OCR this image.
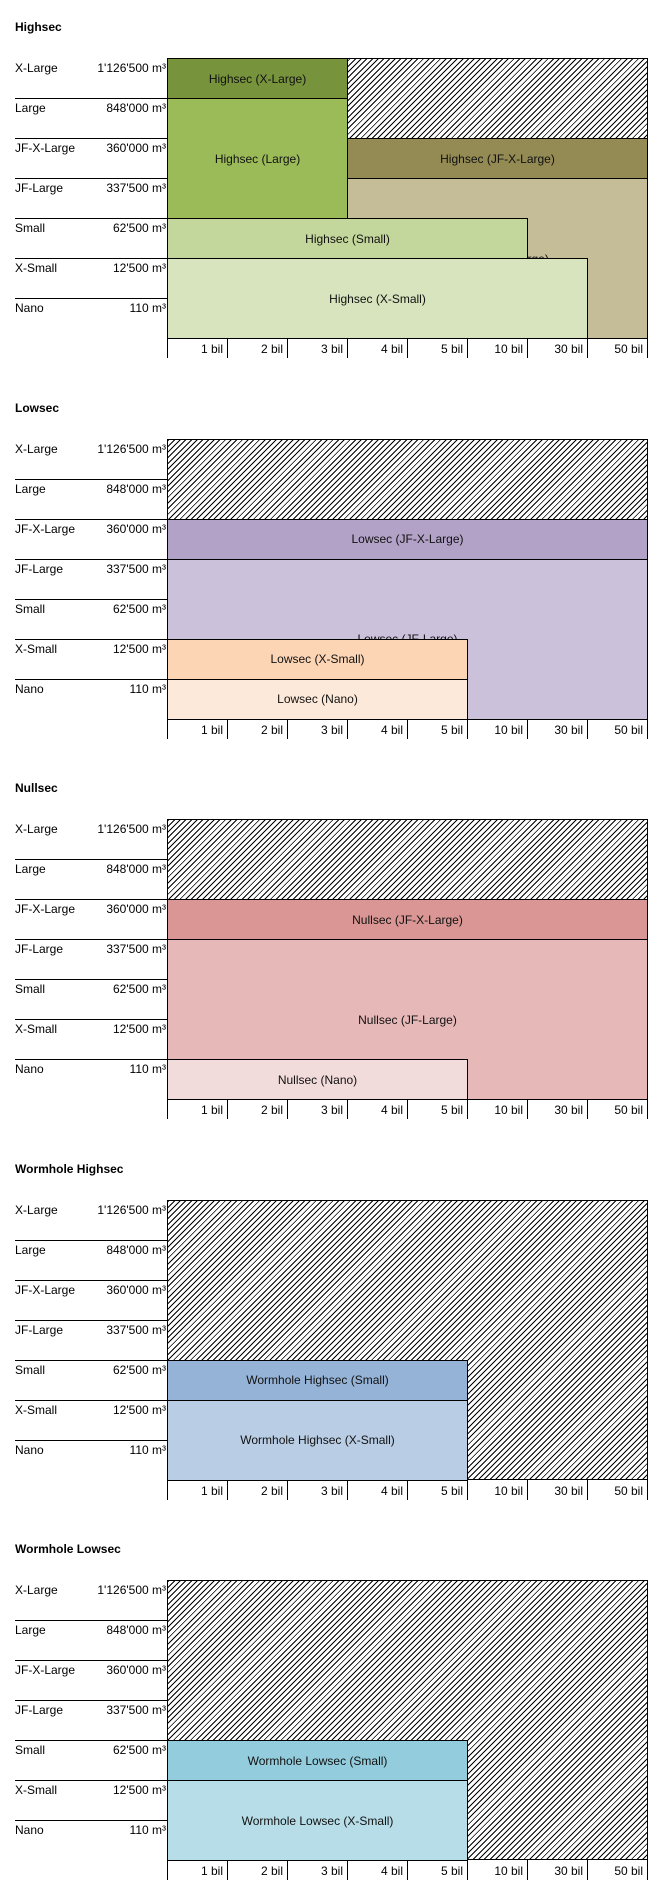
Highsec
X-Large	1'126'500 m³
Large	848'000 m³
JF-X-Large	360'000 m³
JF-Large	337'500 m³
Small	62'500 m³
X-Small	12'500 m³
Nano	110 m³
Highsec (X-Large)
Highsec (Large)	Highsec (JF-X-Large)
Highsec (Small)
Highsec (X-Small)
1 bil	2 bil	3 bil	4 bil	5 bil	10 bil	30 bil	50 bil
Lowsec
X-Large	1'126'500 m³
Large	848'000 m³
JF-X-Large	360'000 m³
JF-Large	337'500 m³
Small	62'500 m³
X-Small	12'500 m³
Nano	110 m³
Lowsec (JF-X-Large)
Lowsec (X-Small)
Lowsec (Nano)
1 bil	2 bil	3 bil	4 bil	5 bil	10 bil	30 bil	50 bil
Nullsec
X-Large	1'126'500 m³
Large	848'000 m³
JF-X-Large	360'000 m³
JF-Large	337'500 m³
Small	62'500 m³
X-Small	12'500 m³
Nano	110 m³
Nullsec (JF-X-Large)
Nullsec (JF-Large)
Nullsec (Nano)
1 bil	2 bil	3 bil	4 bil	5 bil	10 bil	30 bil	50 bil
Wormhole Highsec
X-Large	1'126'500 m³
Large	848'000 m³
JF-X-Large	360'000 m³
JF-Large	337'500 m³
Small	62'500 m³
X-Small	12'500 m³
Nano	110 m³
Wormhole Highsec (Small)
Wormhole Highsec (X-Small)
1 bil	2 bil	3 bil	4 bil	5 bil	10 bil	30 bil	50 bil
Wormhole Lowsec
X-Large	1'126'500 m³
Large	848'000 m³
JF-X-Large	360'000 m³
JF-Large	337'500 m³
Small	62'500 m³
X-Small	12'500 m³
Nano	110 m³
Wormhole Lowsec (Small)
Wormhole Lowsec (X-Small)
1 bil	2 bil	3 bil	4 bil	5 bil	10 bil	30 bil	50 bil
